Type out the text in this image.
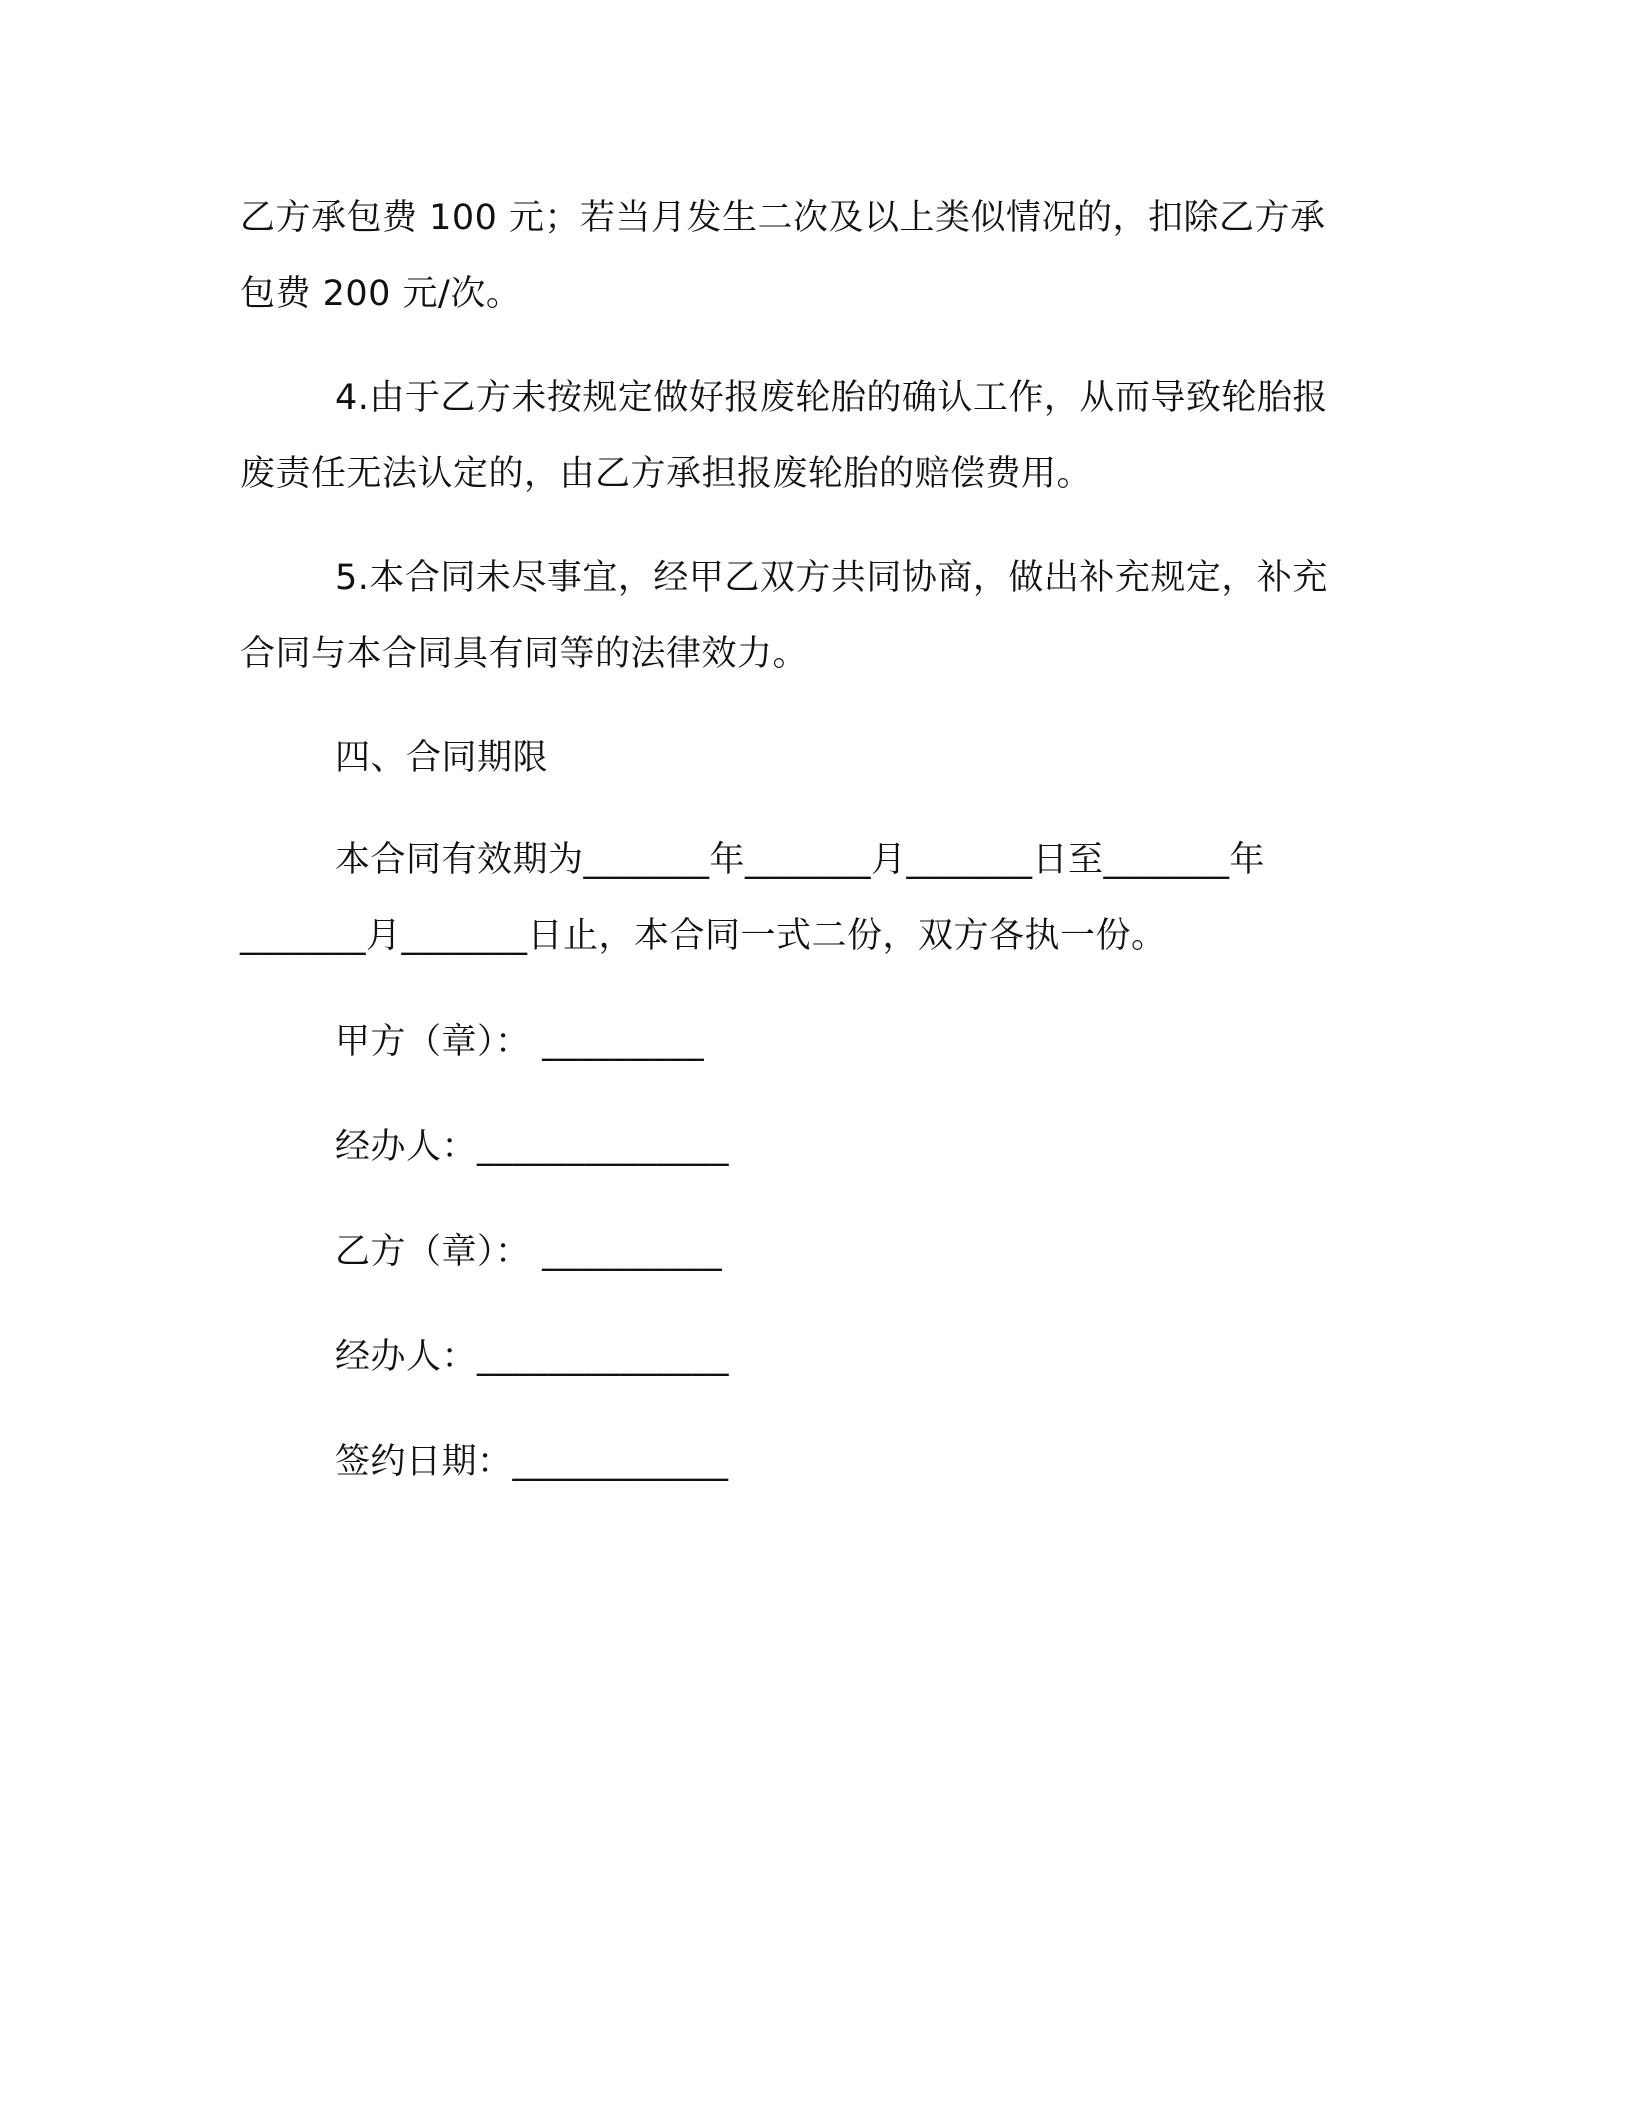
乙方承包费 100 元；若当月发生二次及以上类似情况的，扣除乙方承
包费 200 元/次。
4.由于乙方未按规定做好报废轮胎的确认工作，从而导致轮胎报
废责任无法认定的，由乙方承担报废轮胎的赔偿费用。
5.本合同未尽事宜，经甲乙双方共同协商，做出补充规定，补充
合同与本合同具有同等的法律效力。
四、合同期限
本合同有效期为_______年_______月_______日至_______年
_______月_______日止，本合同一式二份，双方各执一份。
甲方（章）： _________
经办人：______________
乙方（章）： __________
经办人：______________
签约日期：____________
